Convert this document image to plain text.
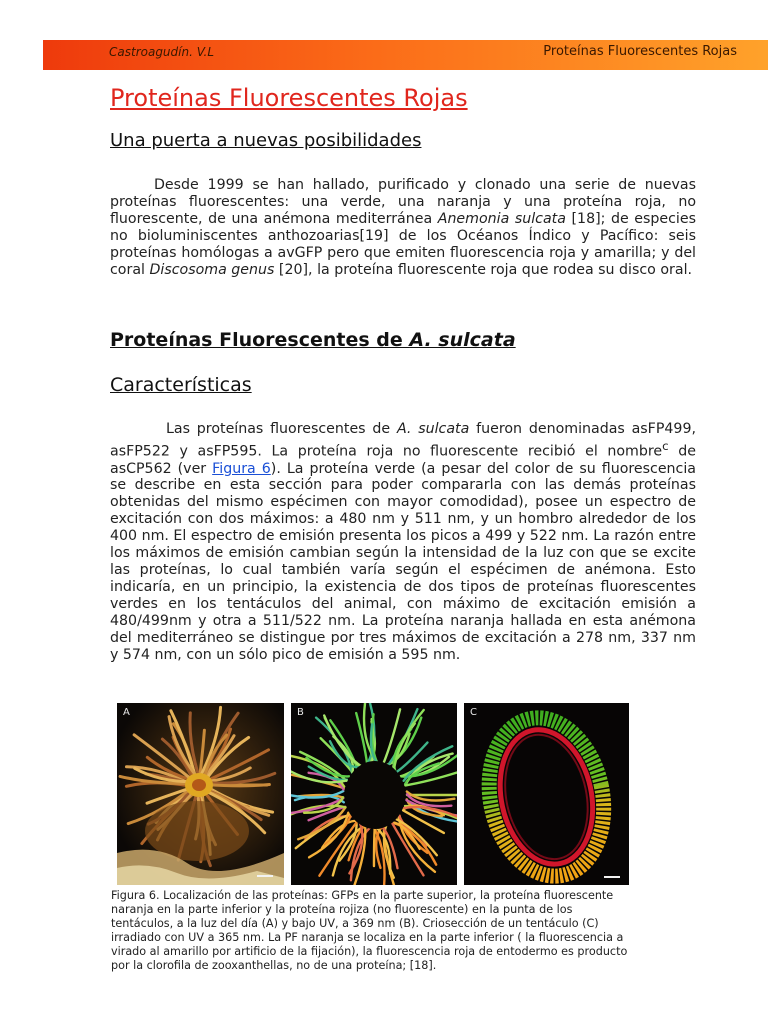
Castroagudín. V.L	Proteínas Fluorescentes Rojas
Proteínas Fluorescentes Rojas
Una puerta a nuevas posibilidades

Desde 1999 se han hallado, purificado y clonado una serie de nuevas proteínas fluorescentes: una verde, una naranja y una proteína roja, no fluorescente, de una anémona mediterránea Anemonia sulcata [18]; de especies no bioluminiscentes anthozoarias[19] de los Océanos Índico y Pacífico: seis proteínas homólogas a avGFP pero que emiten fluorescencia roja y amarilla; y del coral Discosoma genus [20], la proteína fluorescente roja que rodea su disco oral.

Proteínas Fluorescentes de A. sulcata
Características

Las proteínas fluorescentes de A. sulcata fueron denominadas asFP499, asFP522 y asFP595. La proteína roja no fluorescente recibió el nombre$^c$ de asCP562 (ver Figura 6). La proteína verde (a pesar del color de su fluorescencia se describe en esta sección para poder compararla con las demás proteínas obtenidas del mismo espécimen con mayor comodidad), posee un espectro de excitación con dos máximos: a 480 nm y 511 nm, y un hombro alrededor de los 400 nm. El espectro de emisión presenta los picos a 499 y 522 nm. La razón entre los máximos de emisión cambian según la intensidad de la luz con que se excite las proteínas, lo cual también varía según el espécimen de anémona. Esto indicaría, en un principio, la existencia de dos tipos de proteínas fluorescentes verdes en los tentáculos del animal, con máximo de excitación emisión a 480/499nm y otra a 511/522 nm. La proteína naranja hallada en esta anémona del mediterráneo se distingue por tres máximos de excitación a 278 nm, 337 nm y 574 nm, con un sólo pico de emisión a 595 nm.

A	B	C

Figura 6. Localización de las proteínas: GFPs en la parte superior, la proteína fluorescente naranja en la parte inferior y la proteína rojiza (no fluorescente) en la punta de los tentáculos, a la luz del día (A) y bajo UV, a 369 nm (B). Criosección de un tentáculo (C) irradiado con UV a 365 nm. La PF naranja se localiza en la parte inferior ( la fluorescencia a virado al amarillo por artificio de la fijación), la fluorescencia roja de entodermo es producto por la clorofila de zooxanthellas, no de una proteína; [18].
